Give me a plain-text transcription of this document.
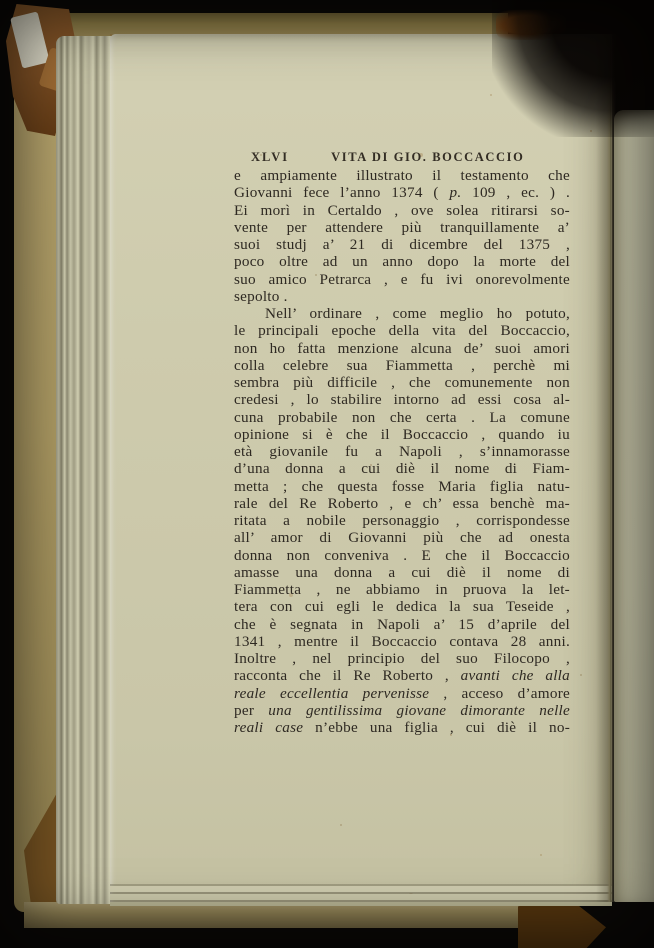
XLVI	VITA DI GIO. BOCCACCIO
e ampiamente illustrato il testamento che
Giovanni fece l’anno 1374 ( p. 109 , ec. ) .
Ei morì in Certaldo , ove solea ritirarsi so-
vente per attendere più tranquillamente a’
suoi studj a’ 21 di dicembre del 1375 ,
poco oltre ad un anno dopo la morte del
suo amico Petrarca , e fu ivi onorevolmente
sepolto .
Nell’ ordinare , come meglio ho potuto,
le principali epoche della vita del Boccaccio,
non ho fatta menzione alcuna de’ suoi amori
colla celebre sua Fiammetta , perchè mi
sembra più difficile , che comunemente non
credesi , lo stabilire intorno ad essi cosa al-
cuna probabile non che certa . La comune
opinione si è che il Boccaccio , quando iu
età giovanile fu a Napoli , s’innamorasse
d’una donna a cui diè il nome di Fiam-
metta ; che questa fosse Maria figlia natu-
rale del Re Roberto , e ch’ essa benchè ma-
ritata a nobile personaggio , corrispondesse
all’ amor di Giovanni più che ad onesta
donna non conveniva . E che il Boccaccio
amasse una donna a cui diè il nome di
Fiammetta , ne abbiamo in pruova la let-
tera con cui egli le dedica la sua Teseide ,
che è segnata in Napoli a’ 15 d’aprile del
1341 , mentre il Boccaccio contava 28 anni.
Inoltre , nel principio del suo Filocopo ,
racconta che il Re Roberto , avanti che alla
reale eccellentia pervenisse , acceso d’amore
per una gentilissima giovane dimorante nelle
reali case n’ebbe una figlia , cui diè il no-
